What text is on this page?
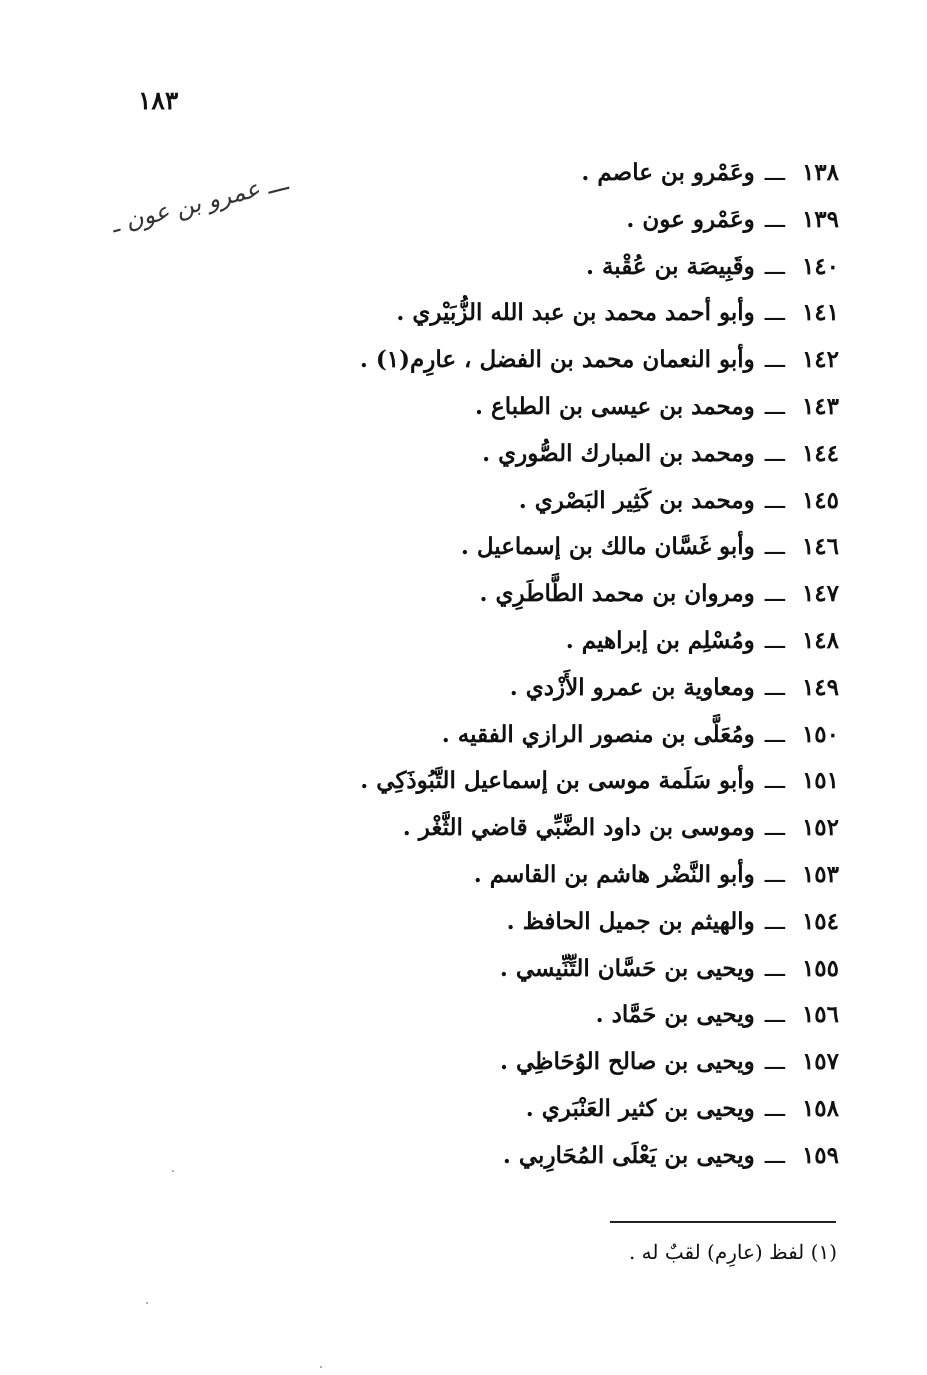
١٨٣
ـــ عمرو بن عون ـ	١٣٨
ـــ
وعَمْرو بن عاصم .
١٣٩
ـــ
وعَمْرو عون .
١٤٠
ـــ
وقَبِيصَة بن عُقْبة .
١٤١
ـــ
وأبو أحمد محمد بن عبد الله الزُّبَيْري .
١٤٢
ـــ
وأبو النعمان محمد بن الفضل ، عارِم(١) .
١٤٣
ـــ
ومحمد بن عيسى بن الطباع .
١٤٤
ـــ
ومحمد بن المبارك الصُّوري .
١٤٥
ـــ
ومحمد بن كَثِير البَصْري .
١٤٦
ـــ
وأبو غَسَّان مالك بن إسماعيل .
١٤٧
ـــ
ومروان بن محمد الطَّاطَرِي .
١٤٨
ـــ
ومُسْلِم بن إبراهيم .
١٤٩
ـــ
ومعاوية بن عمرو الأَزْدي .
١٥٠
ـــ
ومُعَلَّى بن منصور الرازي الفقيه .
١٥١
ـــ
وأبو سَلَمة موسى بن إسماعيل التَّبُوذَكِي .
١٥٢
ـــ
وموسى بن داود الضَّبِّي قاضي الثَّغْر .
١٥٣
ـــ
وأبو النَّضْر هاشم بن القاسم .
١٥٤
ـــ
والهيثم بن جميل الحافظ .
١٥٥
ـــ
ويحيى بن حَسَّان التِّنِّيسي .
١٥٦
ـــ
ويحيى بن حَمَّاد .
١٥٧
ـــ
ويحيى بن صالح الوُحَاظِي .
١٥٨
ـــ
ويحيى بن كثير العَنْبَري .
١٥٩
ـــ
ويحيى بن يَعْلَى المُحَارِبي .
(١) لفظ (عارِم) لقبٌ له .
